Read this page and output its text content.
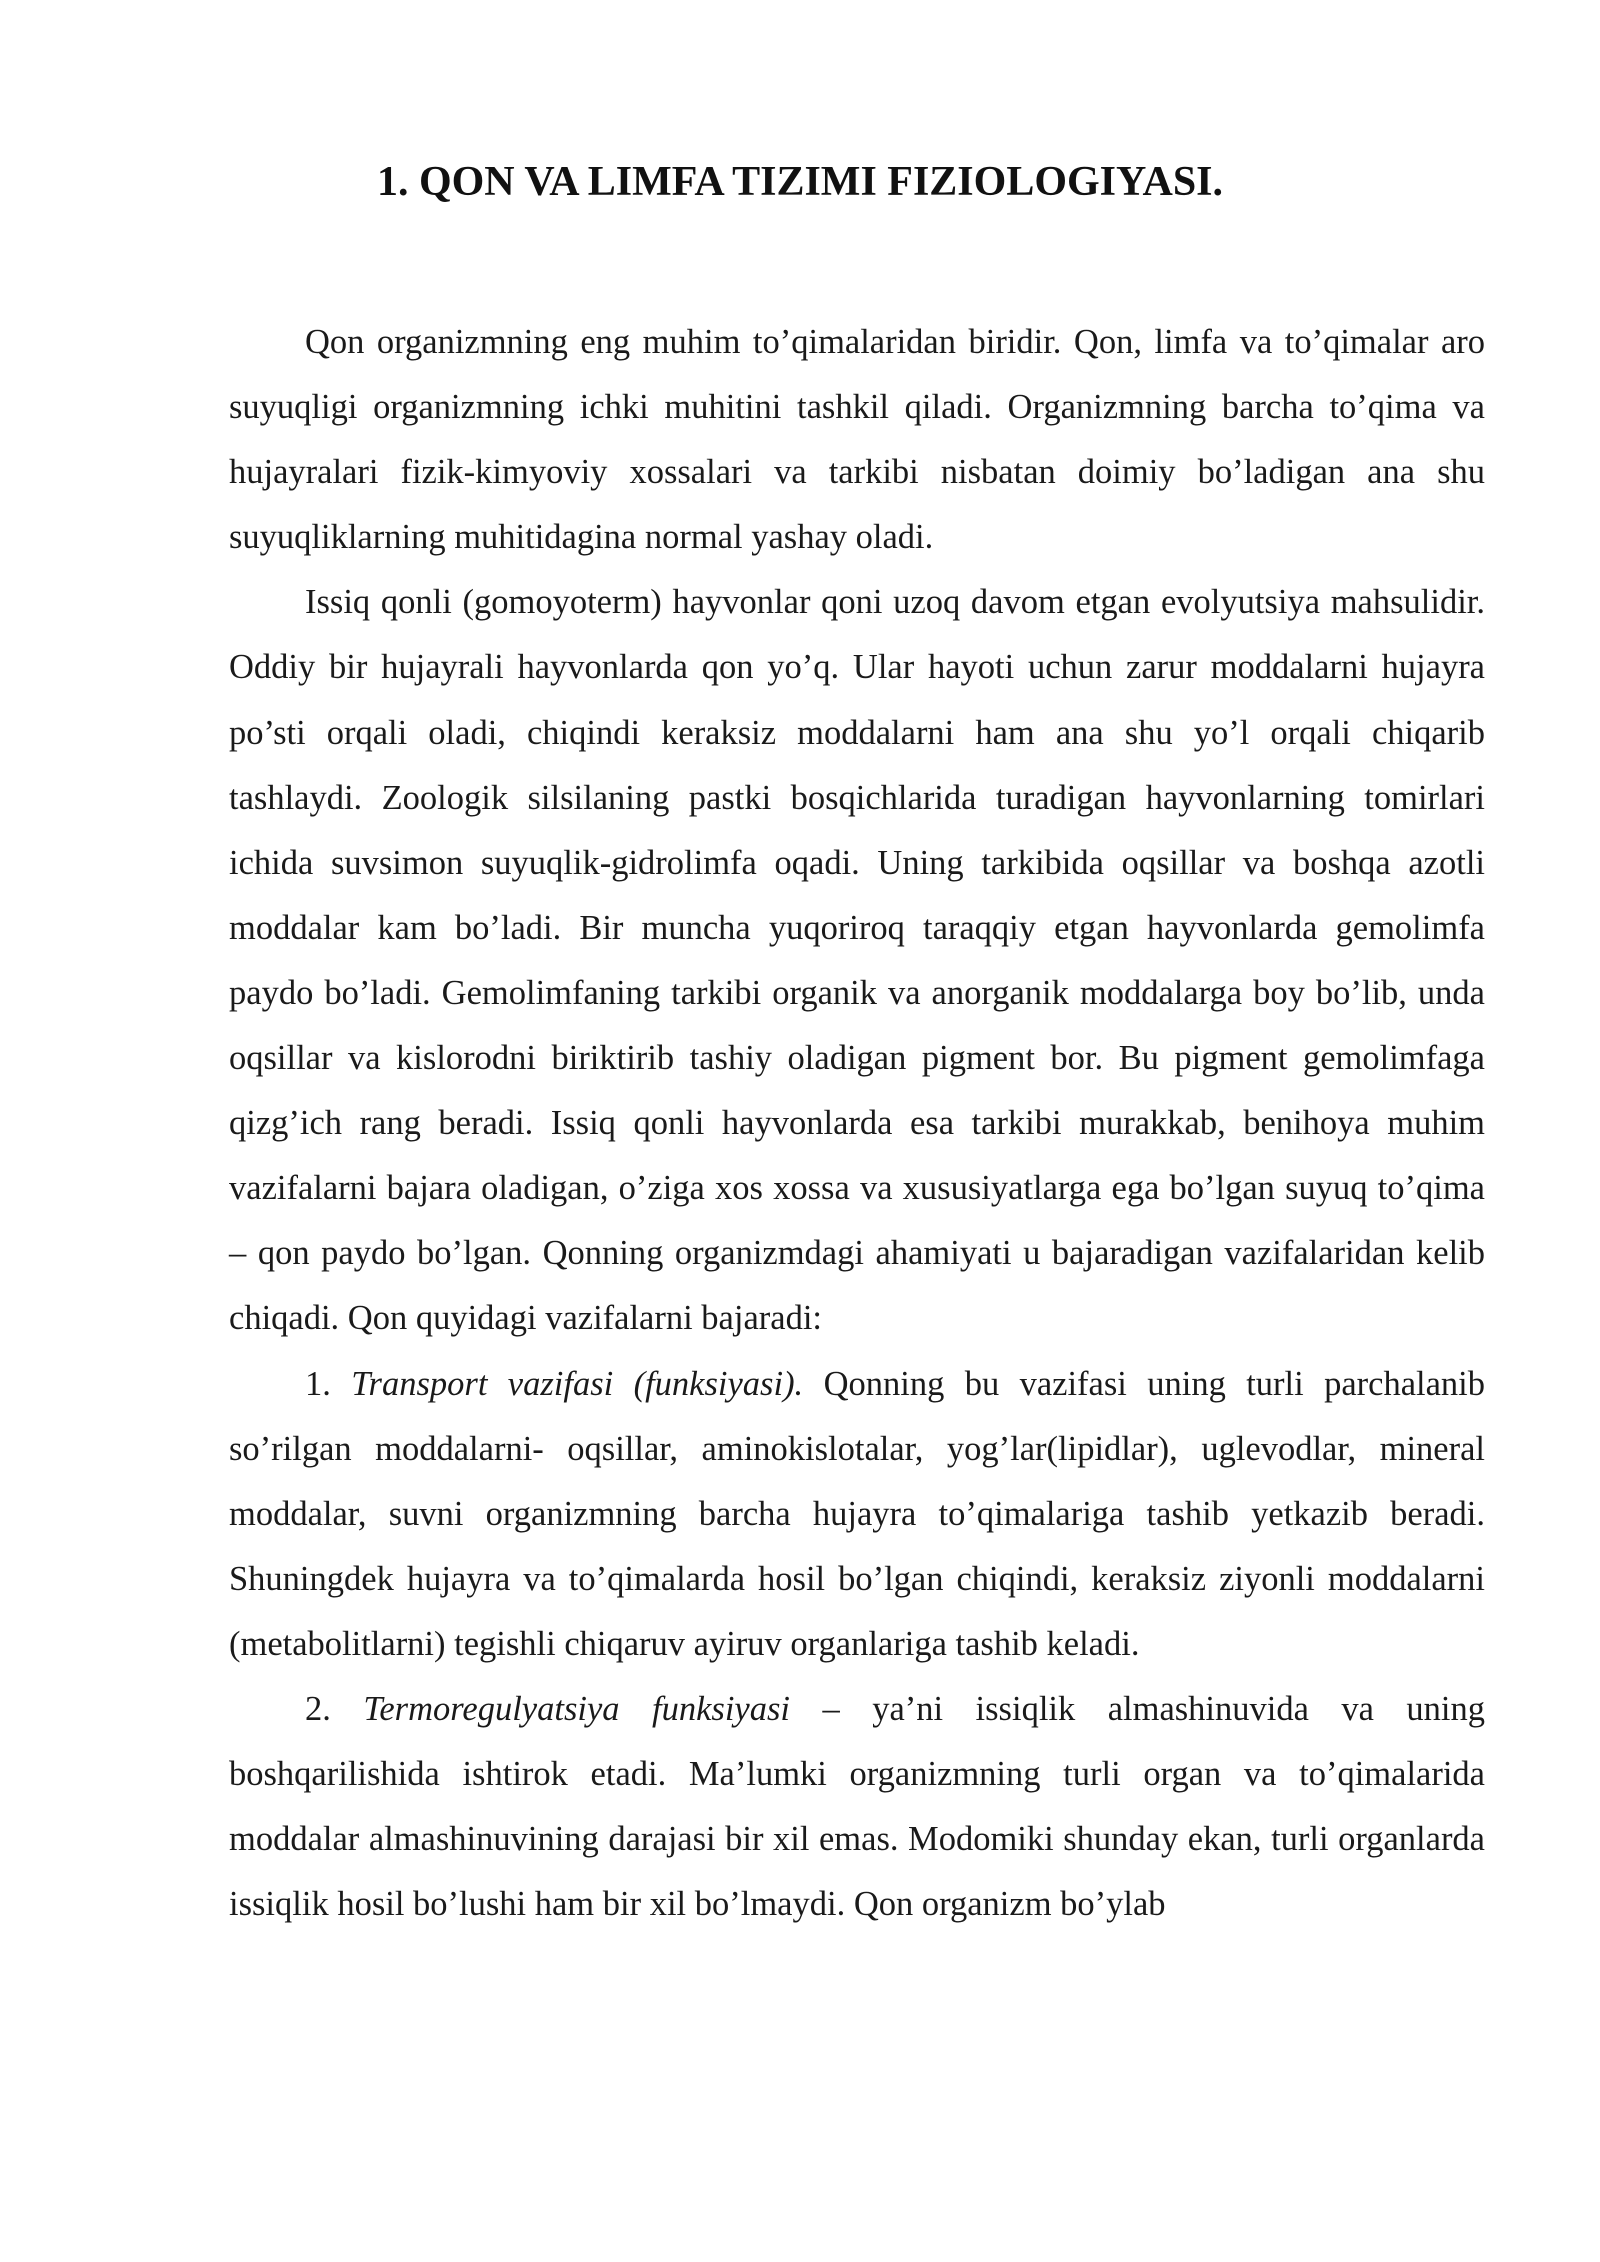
1. QON VA LIMFA TIZIMI FIZIOLOGIYASI.

Qon organizmning eng muhim to’qimalaridan biridir. Qon, limfa va to’qimalar aro suyuqligi organizmning ichki muhitini tashkil qiladi. Organizmning barcha to’qima va hujayralari fizik-kimyoviy xossalari va tarkibi nisbatan doimiy bo’ladigan ana shu suyuqliklarning muhitidagina normal yashay oladi.

Issiq qonli (gomoyoterm) hayvonlar qoni uzoq davom etgan evolyutsiya mahsulidir. Oddiy bir hujayrali hayvonlarda qon yo’q. Ular hayoti uchun zarur moddalarni hujayra po’sti orqali oladi, chiqindi keraksiz moddalarni ham ana shu yo’l orqali chiqarib tashlaydi. Zoologik silsilaning pastki bosqichlarida turadigan hayvonlarning tomirlari ichida suvsimon suyuqlik-gidrolimfa oqadi. Uning tarkibida oqsillar va boshqa azotli moddalar kam bo’ladi. Bir muncha yuqoriroq taraqqiy etgan hayvonlarda gemolimfa paydo bo’ladi. Gemolimfaning tarkibi organik va anorganik moddalarga boy bo’lib, unda oqsillar va kislorodni biriktirib tashiy oladigan pigment bor. Bu pigment gemolimfaga qizg’ich rang beradi. Issiq qonli hayvonlarda esa tarkibi murakkab, benihoya muhim vazifalarni bajara oladigan, o’ziga xos xossa va xususiyatlarga ega bo’lgan suyuq to’qima – qon paydo bo’lgan. Qonning organizmdagi ahamiyati u bajaradigan vazifalaridan kelib chiqadi. Qon quyidagi vazifalarni bajaradi:

1. Transport vazifasi (funksiyasi). Qonning bu vazifasi uning turli parchalanib so’rilgan moddalarni- oqsillar, aminokislotalar, yog’lar(lipidlar), uglevodlar, mineral moddalar, suvni organizmning barcha hujayra to’qimalariga tashib yetkazib beradi. Shuningdek hujayra va to’qimalarda hosil bo’lgan chiqindi, keraksiz ziyonli moddalarni (metabolitlarni) tegishli chiqaruv ayiruv organlariga tashib keladi.

2. Termoregulyatsiya funksiyasi – ya’ni issiqlik almashinuvida va uning boshqarilishida ishtirok etadi. Ma’lumki organizmning turli organ va to’qimalarida moddalar almashinuvining darajasi bir xil emas. Modomiki shunday ekan, turli organlarda issiqlik hosil bo’lushi ham bir xil bo’lmaydi. Qon organizm bo’ylab
